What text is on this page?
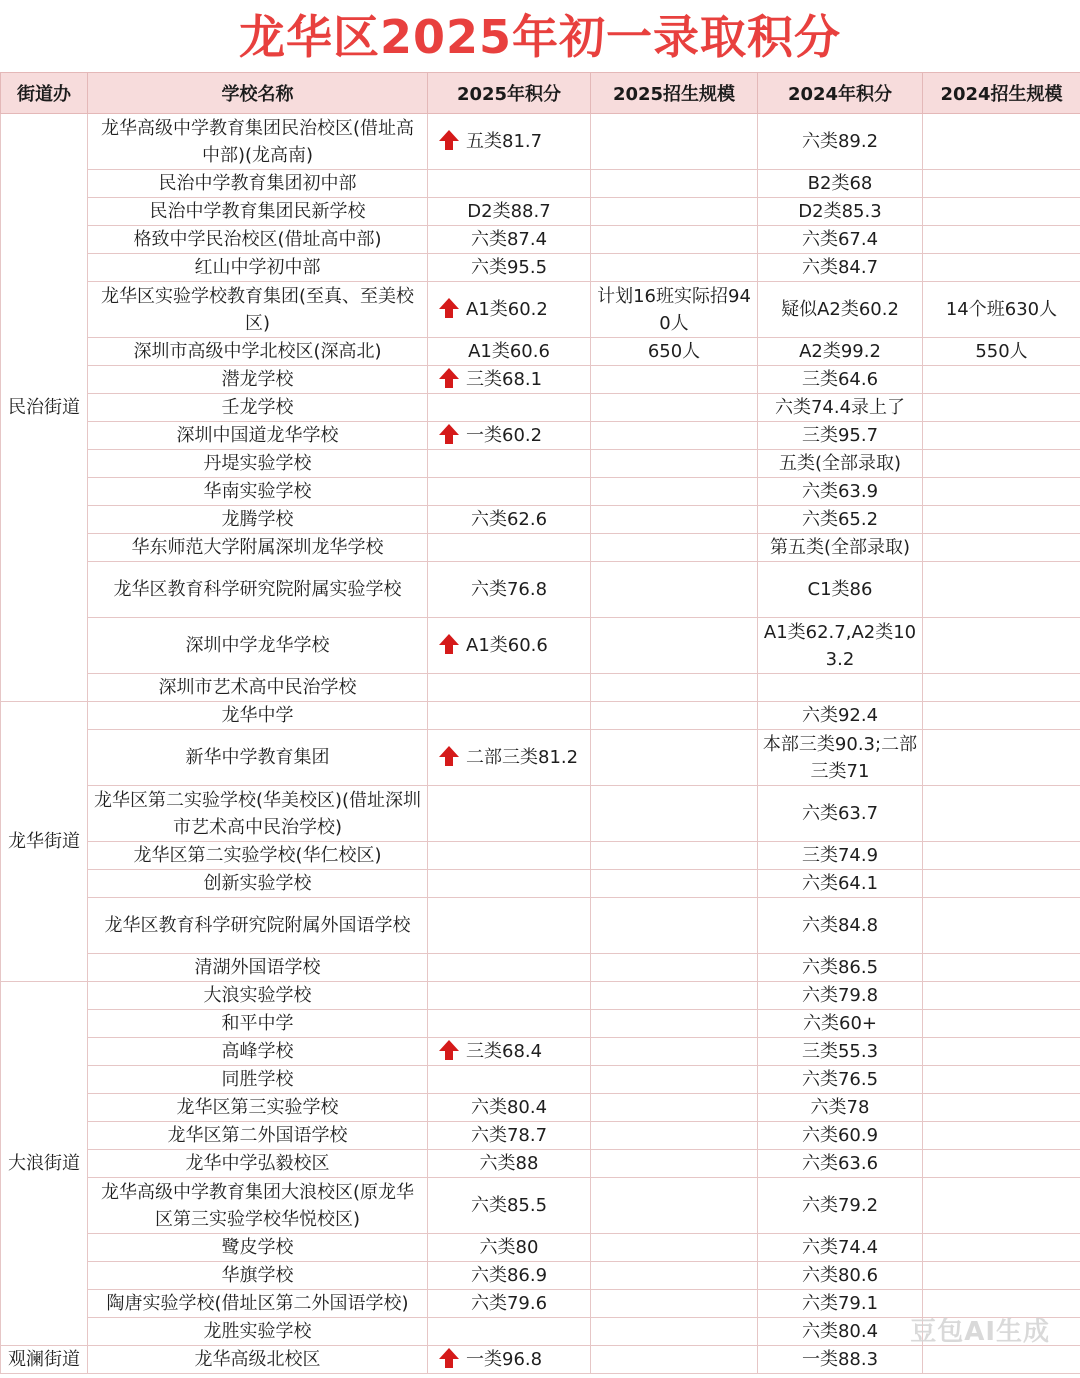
龙华区2025年初一录取积分
街道办	学校名称	2025年积分	2025招生规模	2024年积分	2024招生规模
民治街道	龙华高级中学教育集团民治校区(借址高中部)(龙高南)	五类81.7		六类89.2	
	民治中学教育集团初中部			B2类68	
	民治中学教育集团民新学校	D2类88.7		D2类85.3	
	格致中学民治校区(借址高中部)	六类87.4		六类67.4	
	红山中学初中部	六类95.5		六类84.7	
	龙华区实验学校教育集团(至真、至美校区)	A1类60.2	计划16班实际招940人	疑似A2类60.2	14个班630人
	深圳市高级中学北校区(深高北)	A1类60.6	650人	A2类99.2	550人
	潜龙学校	三类68.1		三类64.6	
	壬龙学校			六类74.4录上了	
	深圳中国道龙华学校	一类60.2		三类95.7	
	丹堤实验学校			五类(全部录取)	
	华南实验学校			六类63.9	
	龙腾学校	六类62.6		六类65.2	
	华东师范大学附属深圳龙华学校			第五类(全部录取)	
	龙华区教育科学研究院附属实验学校	六类76.8		C1类86	
	深圳中学龙华学校	A1类60.6		A1类62.7,A2类103.2	
	深圳市艺术高中民治学校				
龙华街道	龙华中学			六类92.4	
	新华中学教育集团	二部三类81.2		本部三类90.3;二部三类71	
	龙华区第二实验学校(华美校区)(借址深圳市艺术高中民治学校)			六类63.7	
	龙华区第二实验学校(华仁校区)			三类74.9	
	创新实验学校			六类64.1	
	龙华区教育科学研究院附属外国语学校			六类84.8	
	清湖外国语学校			六类86.5	
大浪街道	大浪实验学校			六类79.8	
	和平中学			六类60+	
	高峰学校	三类68.4		三类55.3	
	同胜学校			六类76.5	
	龙华区第三实验学校	六类80.4		六类78	
	龙华区第二外国语学校	六类78.7		六类60.9	
	龙华中学弘毅校区	六类88		六类63.6	
	龙华高级中学教育集团大浪校区(原龙华区第三实验学校华悦校区)	六类85.5		六类79.2	
	鹭皮学校	六类80		六类74.4	
	华旗学校	六类86.9		六类80.6	
	陶唐实验学校(借址区第二外国语学校)	六类79.6		六类79.1	
	龙胜实验学校			六类80.4	
观澜街道	龙华高级北校区	一类96.8		一类88.3	
豆包AI生成
